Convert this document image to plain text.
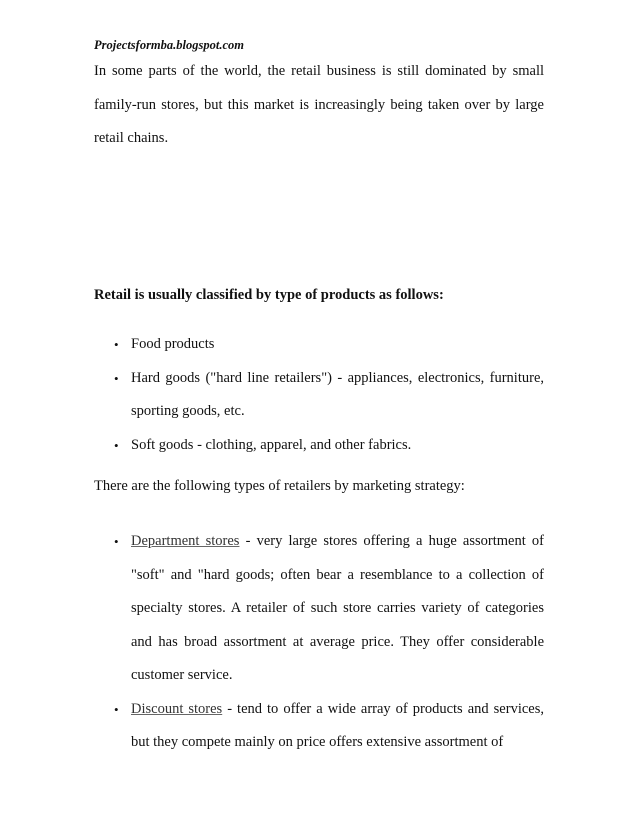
Projectsformba.blogspot.com
In some parts of the world, the retail business is still dominated by small family-run stores, but this market is increasingly being taken over by large retail chains.
Retail is usually classified by type of products as follows:
• Food products
• Hard goods ("hard line retailers") - appliances, electronics, furniture, sporting goods, etc.
• Soft goods - clothing, apparel, and other fabrics.
There are the following types of retailers by marketing strategy:
• Department stores - very large stores offering a huge assortment of "soft" and "hard goods; often bear a resemblance to a collection of specialty stores. A retailer of such store carries variety of categories and has broad assortment at average price. They offer considerable customer service.
• Discount stores - tend to offer a wide array of products and services, but they compete mainly on price offers extensive assortment of
